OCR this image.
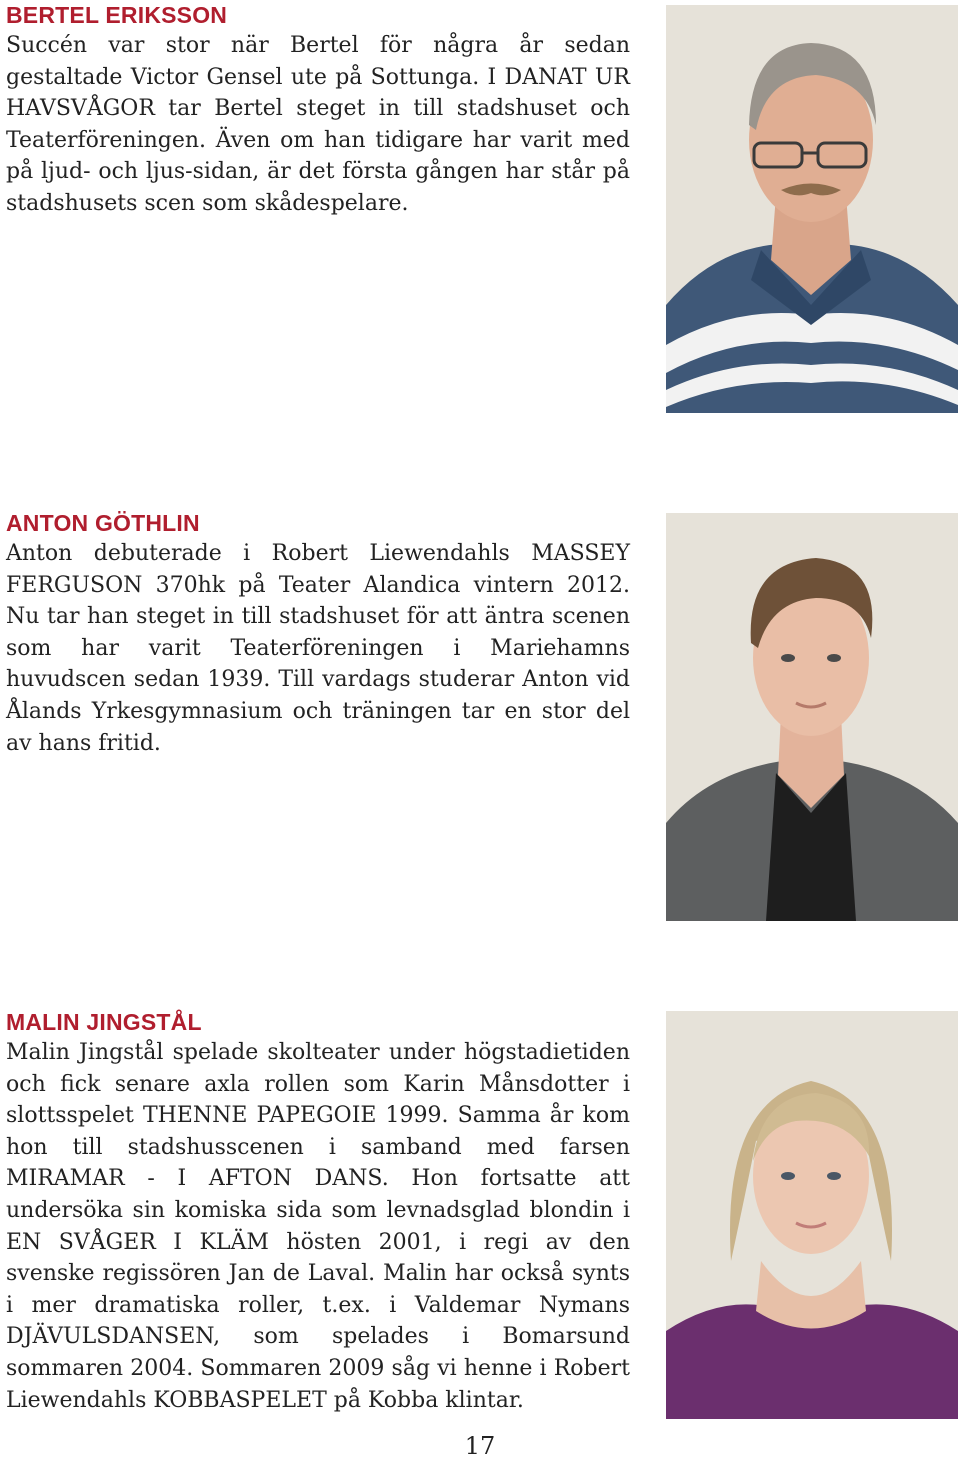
BERTEL ERIKSSON

Succén var stor när Bertel för några år sedan gestaltade Victor Gensel ute på Sottunga. I DANAT UR HAVSVÅGOR tar Bertel steget in till stadshuset och Teaterföreningen. Även om han tidigare har varit med på ljud- och ljus-sidan, är det första gången har står på stadshusets scen som skådespelare.

ANTON GÖTHLIN

Anton debuterade i Robert Liewendahls MASSEY FERGUSON 370hk på Teater Alandica vintern 2012. Nu tar han steget in till stadshuset för att äntra scenen som har varit Teaterföreningen i Mariehamns huvudscen sedan 1939. Till vardags studerar Anton vid Ålands Yrkesgymnasium och träningen tar en stor del av hans fritid.

MALIN JINGSTÅL

Malin Jingstål spelade skolteater under högstadietiden och fick senare axla rollen som Karin Månsdotter i slottsspelet THENNE PAPEGOIE 1999. Samma år kom hon till stadshusscenen i samband med farsen MIRAMAR - I AFTON DANS. Hon fortsatte att undersöka sin komiska sida som levnadsglad blondin i EN SVÅGER I KLÄM hösten 2001, i regi av den svenske regissören Jan de Laval. Malin har också synts i mer dramatiska roller, t.ex. i Valdemar Nymans DJÄVULSDANSEN, som spelades i Bomarsund sommaren 2004. Sommaren 2009 såg vi henne i Robert Liewendahls KOBBASPELET på Kobba klintar.

17
